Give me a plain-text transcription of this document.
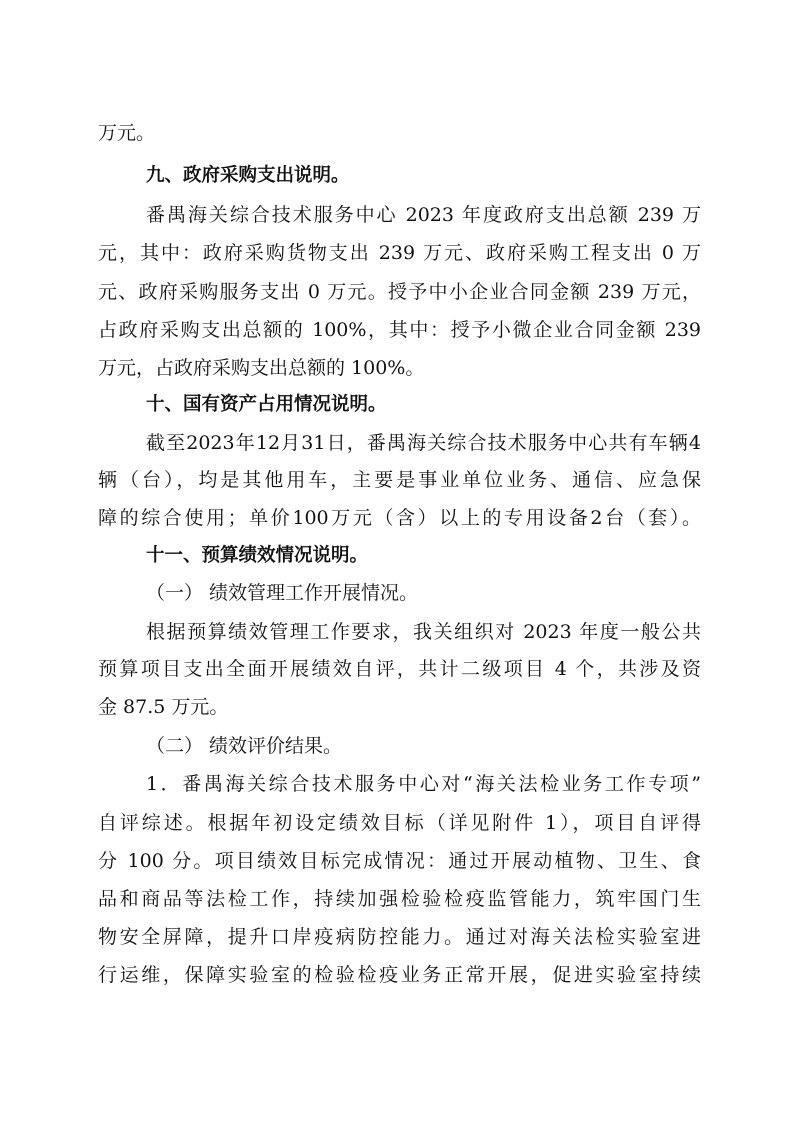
万元。
九、政府采购支出说明。
番禺海关综合技术服务中心 2023 年度政府支出总额 239 万
元，其中：政府采购货物支出 239 万元、政府采购工程支出 0 万
元、政府采购服务支出 0 万元。授予中小企业合同金额 239 万元，
占政府采购支出总额的 100%，其中：授予小微企业合同金额 239
万元，占政府采购支出总额的 100%。
十、国有资产占用情况说明。
截至2023年12月31日，番禺海关综合技术服务中心共有车辆4
辆（台），均是其他用车，主要是事业单位业务、通信、应急保
障的综合使用；单价100万元（含）以上的专用设备2台（套）。
十一、预算绩效情况说明。
（一） 绩效管理工作开展情况。
根据预算绩效管理工作要求，我关组织对 2023 年度一般公共
预算项目支出全面开展绩效自评，共计二级项目 4 个，共涉及资
金 87.5 万元。
（二） 绩效评价结果。
1．番禺海关综合技术服务中心对“海关法检业务工作专项”
自评综述。根据年初设定绩效目标（详见附件 1），项目自评得
分 100 分。项目绩效目标完成情况：通过开展动植物、卫生、食
品和商品等法检工作，持续加强检验检疫监管能力，筑牢国门生
物安全屏障，提升口岸疫病防控能力。通过对海关法检实验室进
行运维，保障实验室的检验检疫业务正常开展，促进实验室持续
